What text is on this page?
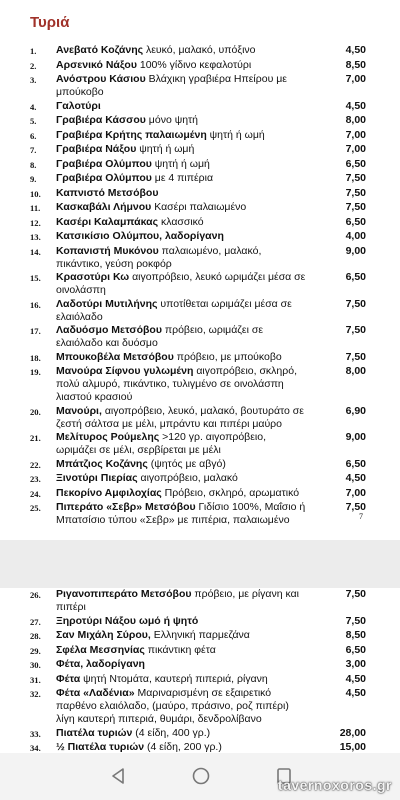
Τυριά
1.	Ανεβατό Κοζάνης λευκό, μαλακό, υπόξινο	4,50
2.	Αρσενικό Νάξου 100% γίδινο κεφαλοτύρι	8,50
3.	Ανόστρου Κάσιου Βλάχικη γραβιέρα Ηπείρου με μπούκοβο
7,00
4.	Γαλοτύρι	4,50
5.	Γραβιέρα Κάσσου μόνο ψητή	8,00
6.	Γραβιέρα Κρήτης παλαιωμένη ψητή ή ωμή	7,00
7.	Γραβιέρα Νάξου ψητή ή ωμή	7,00
8.	Γραβιέρα Ολύμπου ψητή ή ωμή	6,50
9.	Γραβιέρα Ολύμπου με 4 πιπέρια	7,50
10.	Καπνιστό Μετσόβου	7,50
11.	Κασκαβάλι Λήμνου Κασέρι παλαιωμένο	7,50
12.	Κασέρι Καλαμπάκας κλασσικό	6,50
13.	Κατσικίσιο Ολύμπου, λαδορίγανη	4,00
14.	Κοπανιστή Μυκόνου παλαιωμένο, μαλακό, πικάντικο, γεύση ροκφόρ
9,00
15.	Κρασοτύρι Κω αιγοπρόβειο, λευκό ωριμάζει μέσα σε οινολάσπη
6,50
16.	Λαδοτύρι Μυτιλήνης υποτίθεται ωριμάζει μέσα σε ελαιόλαδο
7,50
17.	Λαδυόσμο Μετσόβου πρόβειο, ωριμάζει σε ελαιόλαδο και δυόσμο
7,50
18.	Μπουκοβέλα Μετσόβου πρόβειο, με μπούκοβο	7,50
19.	Μανούρα Σίφνου γυλωμένη αιγοπρόβειο, σκληρό, πολύ αλμυρό, πικάντικο, τυλιγμένο σε οινολάσπη λιαστού κρασιού
8,00
20.	Μανούρι, αιγοπρόβειο, λευκό, μαλακό, βουτυράτο σε ζεστή σάλτσα με μέλι, μπράντυ και πιπέρι μαύρο
6,90
21.	Μελίτυρος Ρούμελης >120 γρ. αιγοπρόβειο, ωριμάζει σε μέλι, σερβίρεται με μέλι
9,00
22.	Μπάτζιος Κοζάνης (ψητός με αβγό)	6,50
23.	Ξινοτύρι Πιερίας αιγοπρόβειο, μαλακό	4,50
24.	Πεκορίνο Αμφιλοχίας Πρόβειο, σκληρό, αρωματικό	7,00
25.	Πιπεράτο «Σεβρ» Μετσόβου Γιδίσιο 100%, Μαΐσιο ή Μπατσίσιο τύπου «Σεβρ» με πιπέρια, παλαιωμένο
7,50
7
26.	Ριγανοπιπεράτο Μετσόβου πρόβειο, με ρίγανη και πιπέρι
7,50
27.	Ξηροτύρι Νάξου ωμό ή ψητό	7,50
28.	Σαν Μιχάλη Σύρου, Ελληνική παρμεζάνα	8,50
29.	Σφέλα Μεσσηνίας πικάντικη φέτα	6,50
30.	Φέτα, λαδορίγανη	3,00
31.	Φέτα ψητή Ντομάτα, καυτερή πιπεριά, ρίγανη	4,50
32.	Φέτα «Λαδένια» Μαριναρισμένη σε εξαιρετικό παρθένο ελαιόλαδο, (μαύρο, πράσινο, ροζ πιπέρι) λίγη καυτερή πιπεριά, θυμάρι, δενδρολίβανο
4,50
33.	Πιατέλα τυριών (4 είδη, 400 γρ.)	28,00
34.	½ Πιατέλα τυριών (4 είδη, 200 γρ.)	15,00
tavernoxoros.gr
